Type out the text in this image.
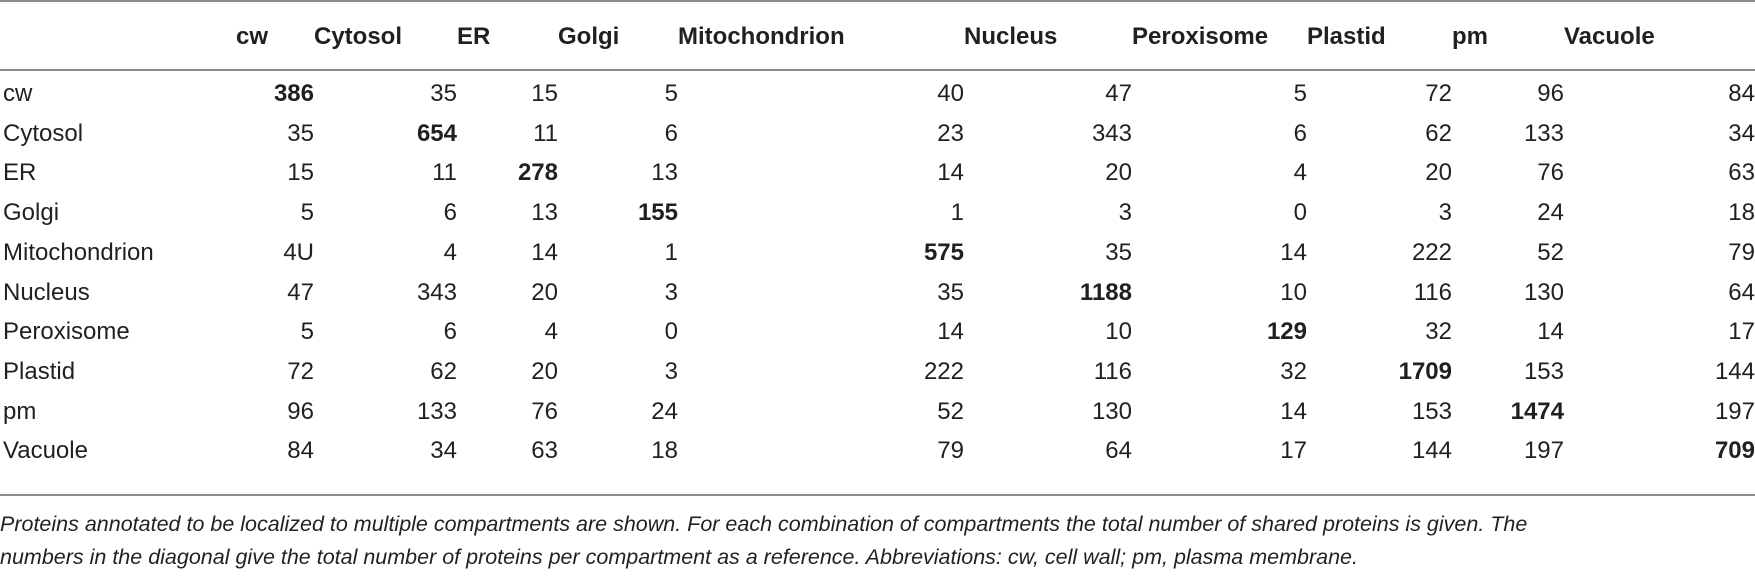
	cw	Cytosol	ER	Golgi	Mitochondrion	Nucleus	Peroxisome	Plastid	pm	Vacuole	
cw	386	35	15	5	40	47	5	72	96	84	
Cytosol	35	654	11	6	23	343	6	62	133	34	
ER	15	11	278	13	14	20	4	20	76	63	
Golgi	5	6	13	155	1	3	0	3	24	18	
Mitochondrion	4U	4	14	1	575	35	14	222	52	79	
Nucleus	47	343	20	3	35	1188	10	116	130	64	
Peroxisome	5	6	4	0	14	10	129	32	14	17	
Plastid	72	62	20	3	222	116	32	1709	153	144	
pm	96	133	76	24	52	130	14	153	1474	197	
Vacuole	84	34	63	18	79	64	17	144	197	709	
Proteins annotated to be localized to multiple compartments are shown. For each combination of compartments the total number of shared proteins is given. The
numbers in the diagonal give the total number of proteins per compartment as a reference. Abbreviations: cw, cell wall; pm, plasma membrane.
